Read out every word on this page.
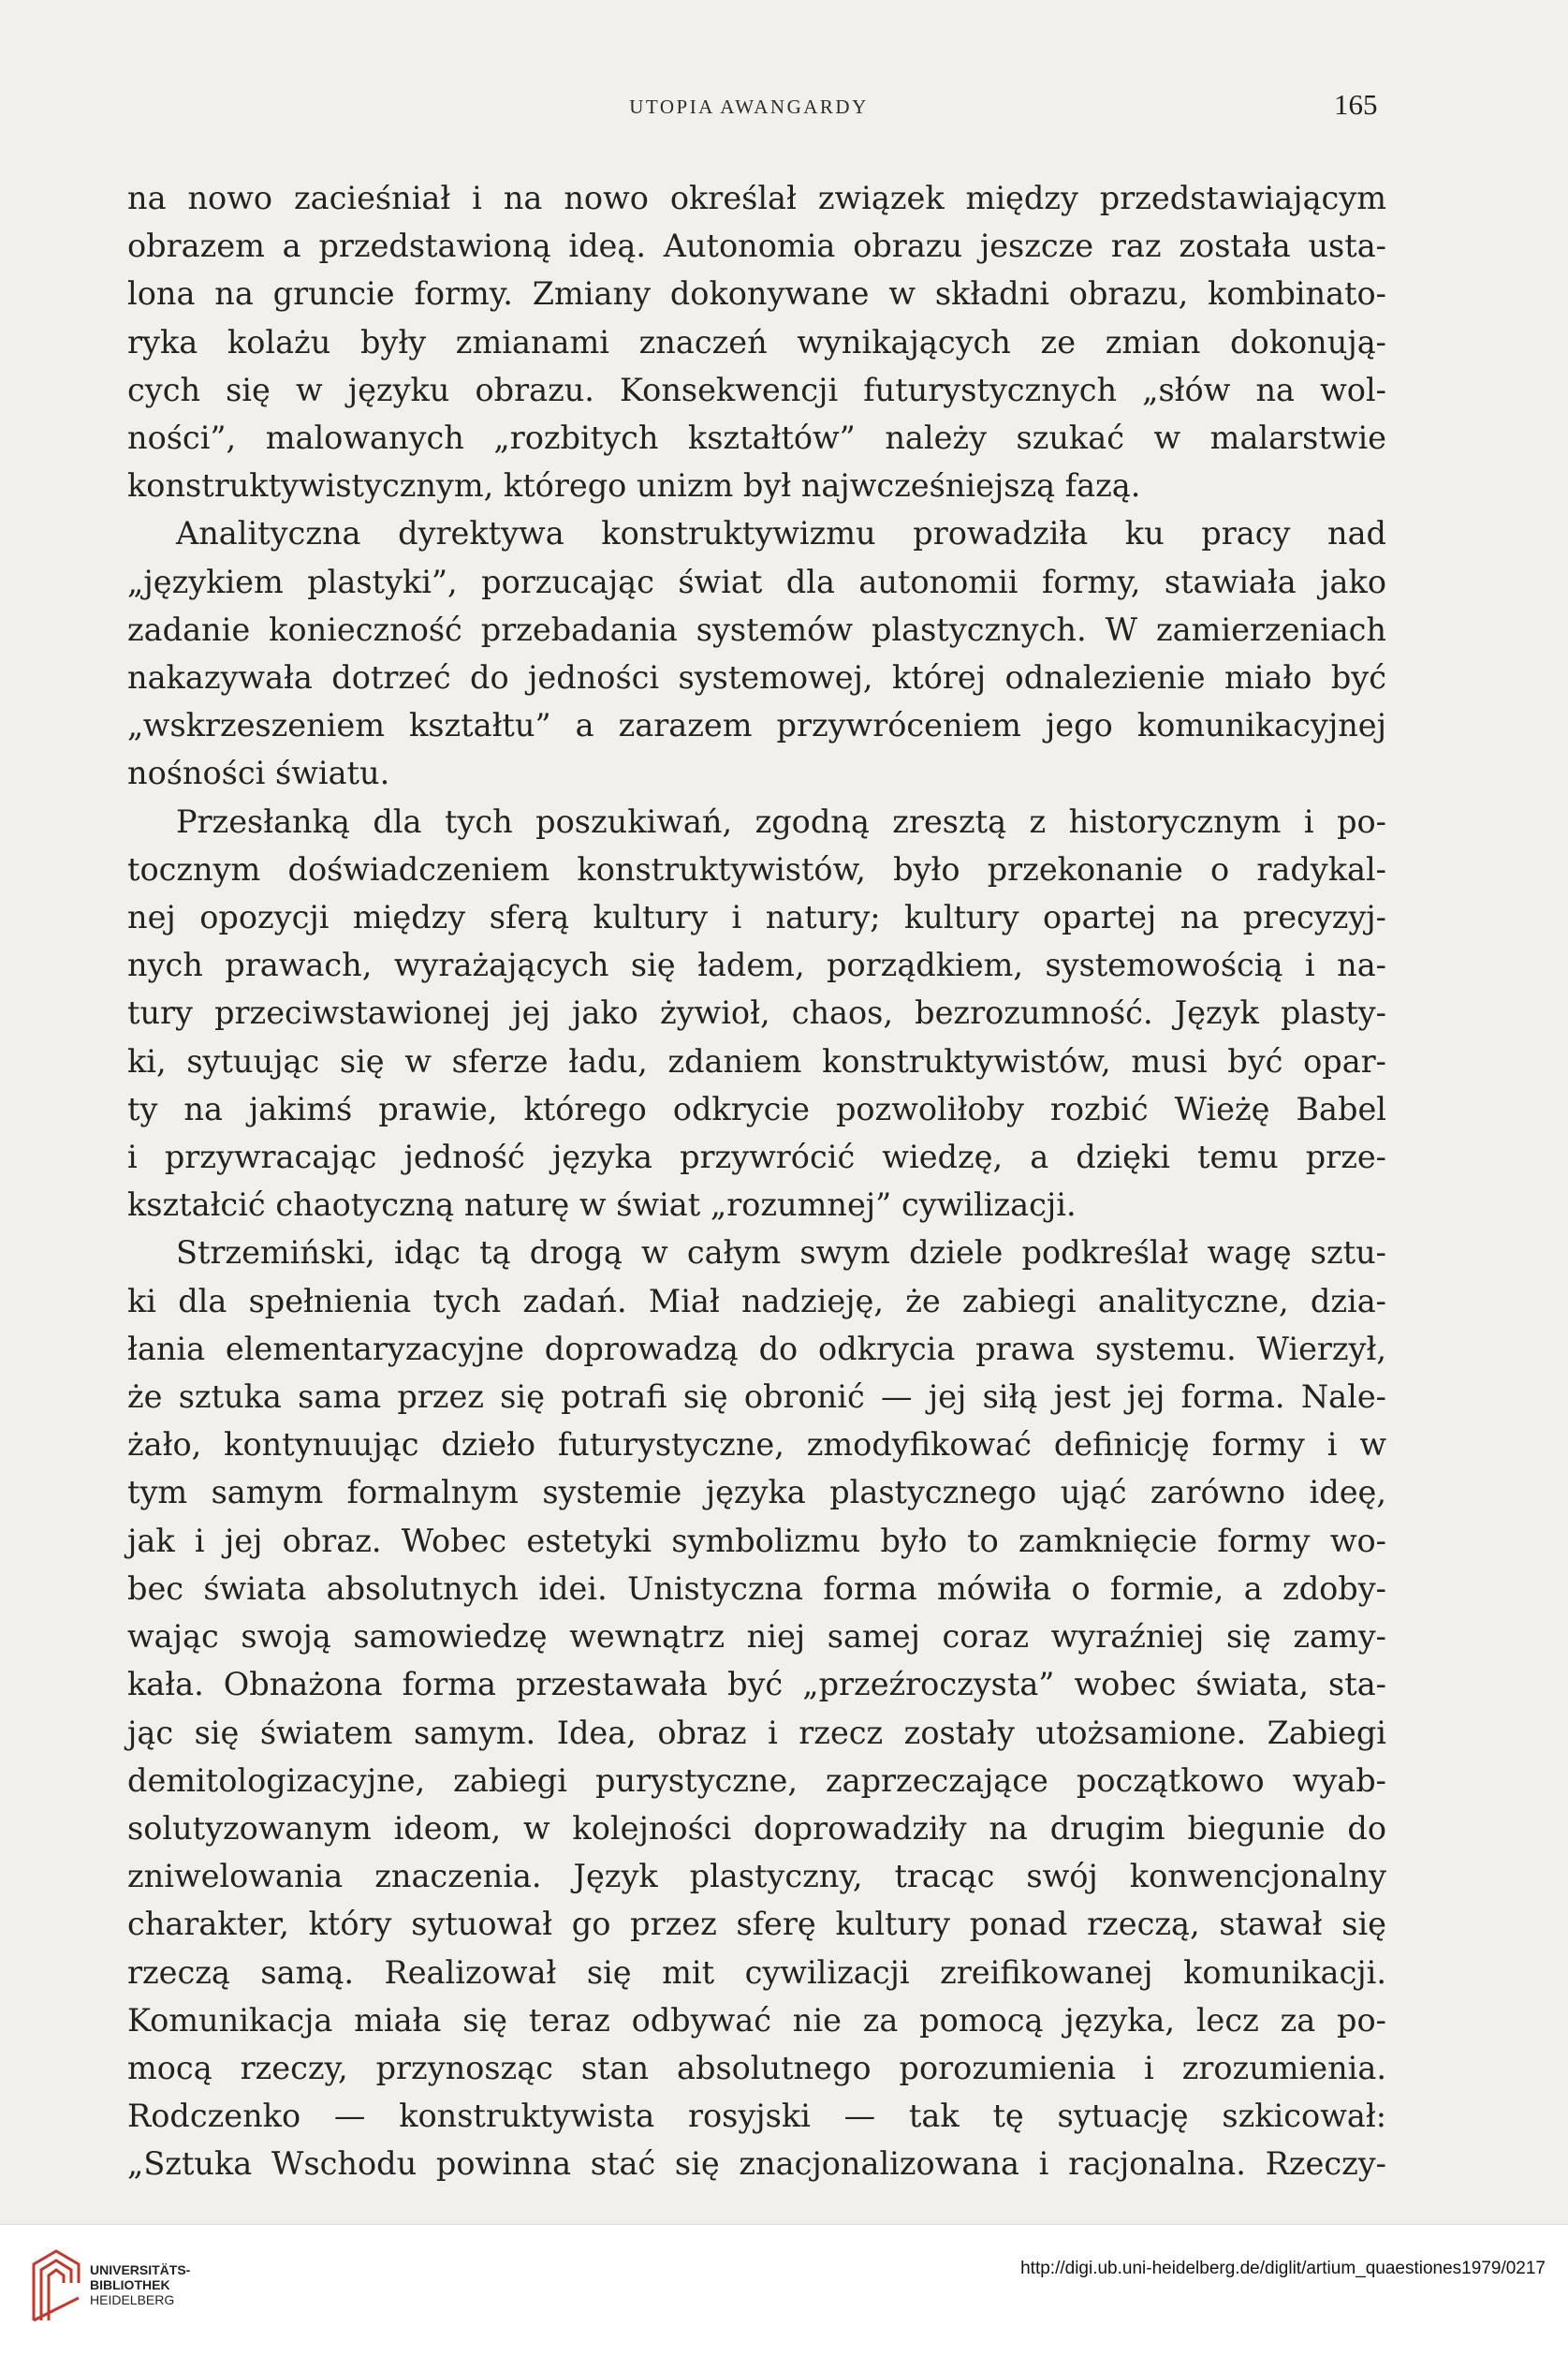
UTOPIA AWANGARDY	165
na nowo zacieśniał i na nowo określał związek między przedstawiającym
obrazem a przedstawioną ideą. Autonomia obrazu jeszcze raz została usta-
lona na gruncie formy. Zmiany dokonywane w składni obrazu, kombinato-
ryka kolażu były zmianami znaczeń wynikających ze zmian dokonują-
cych się w języku obrazu. Konsekwencji futurystycznych „słów na wol-
ności”, malowanych „rozbitych kształtów” należy szukać w malarstwie
konstruktywistycznym, którego unizm był najwcześniejszą fazą.
Analityczna dyrektywa konstruktywizmu prowadziła ku pracy nad
„językiem plastyki”, porzucając świat dla autonomii formy, stawiała jako
zadanie konieczność przebadania systemów plastycznych. W zamierzeniach
nakazywała dotrzeć do jedności systemowej, której odnalezienie miało być
„wskrzeszeniem kształtu” a zarazem przywróceniem jego komunikacyjnej
nośności światu.
Przesłanką dla tych poszukiwań, zgodną zresztą z historycznym i po-
tocznym doświadczeniem konstruktywistów, było przekonanie o radykal-
nej opozycji między sferą kultury i natury; kultury opartej na precyzyj-
nych prawach, wyrażających się ładem, porządkiem, systemowością i na-
tury przeciwstawionej jej jako żywioł, chaos, bezrozumność. Język plasty-
ki, sytuując się w sferze ładu, zdaniem konstruktywistów, musi być opar-
ty na jakimś prawie, którego odkrycie pozwoliłoby rozbić Wieżę Babel
i przywracając jedność języka przywrócić wiedzę, a dzięki temu prze-
kształcić chaotyczną naturę w świat „rozumnej” cywilizacji.
Strzemiński, idąc tą drogą w całym swym dziele podkreślał wagę sztu-
ki dla spełnienia tych zadań. Miał nadzieję, że zabiegi analityczne, dzia-
łania elementaryzacyjne doprowadzą do odkrycia prawa systemu. Wierzył,
że sztuka sama przez się potrafi się obronić — jej siłą jest jej forma. Nale-
żało, kontynuując dzieło futurystyczne, zmodyfikować definicję formy i w
tym samym formalnym systemie języka plastycznego ująć zarówno ideę,
jak i jej obraz. Wobec estetyki symbolizmu było to zamknięcie formy wo-
bec świata absolutnych idei. Unistyczna forma mówiła o formie, a zdoby-
wając swoją samowiedzę wewnątrz niej samej coraz wyraźniej się zamy-
kała. Obnażona forma przestawała być „przeźroczysta” wobec świata, sta-
jąc się światem samym. Idea, obraz i rzecz zostały utożsamione. Zabiegi
demitologizacyjne, zabiegi purystyczne, zaprzeczające początkowo wyab-
solutyzowanym ideom, w kolejności doprowadziły na drugim biegunie do
zniwelowania znaczenia. Język plastyczny, tracąc swój konwencjonalny
charakter, który sytuował go przez sferę kultury ponad rzeczą, stawał się
rzeczą samą. Realizował się mit cywilizacji zreifikowanej komunikacji.
Komunikacja miała się teraz odbywać nie za pomocą języka, lecz za po-
mocą rzeczy, przynosząc stan absolutnego porozumienia i zrozumienia.
Rodczenko — konstruktywista rosyjski — tak tę sytuację szkicował:
„Sztuka Wschodu powinna stać się znacjonalizowana i racjonalna. Rzeczy-
UNIVERSITÄTS-
BIBLIOTHEK
HEIDELBERG
http://digi.ub.uni-heidelberg.de/diglit/artium_quaestiones1979/0217
